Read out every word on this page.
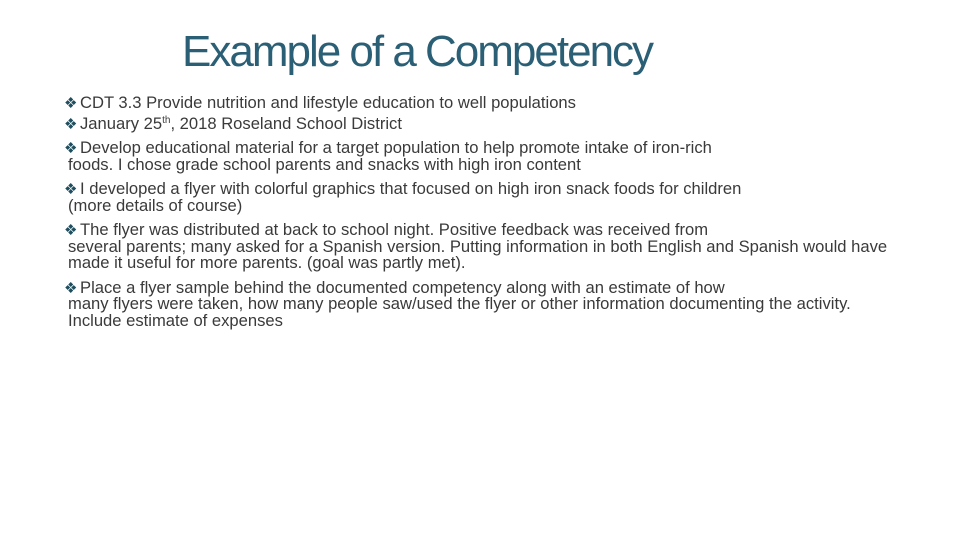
Example of a Competency
❖ CDT 3.3 Provide nutrition and lifestyle education to well populations
❖ January 25th, 2018 Roseland School District
❖ Develop educational material for a target population to help promote intake of iron-rich
foods. I chose grade school parents and snacks with high iron content
❖ I developed a flyer with colorful graphics that focused on high iron snack foods for children
(more details of course)
❖ The flyer was distributed at back to school night. Positive feedback was received from
several parents; many asked for a Spanish version. Putting information in both English and Spanish would have made it useful for more parents. (goal was partly met).
❖ Place a flyer sample behind the documented competency along with an estimate of how
many flyers were taken, how many people saw/used the flyer or other information documenting the activity. Include estimate of expenses
